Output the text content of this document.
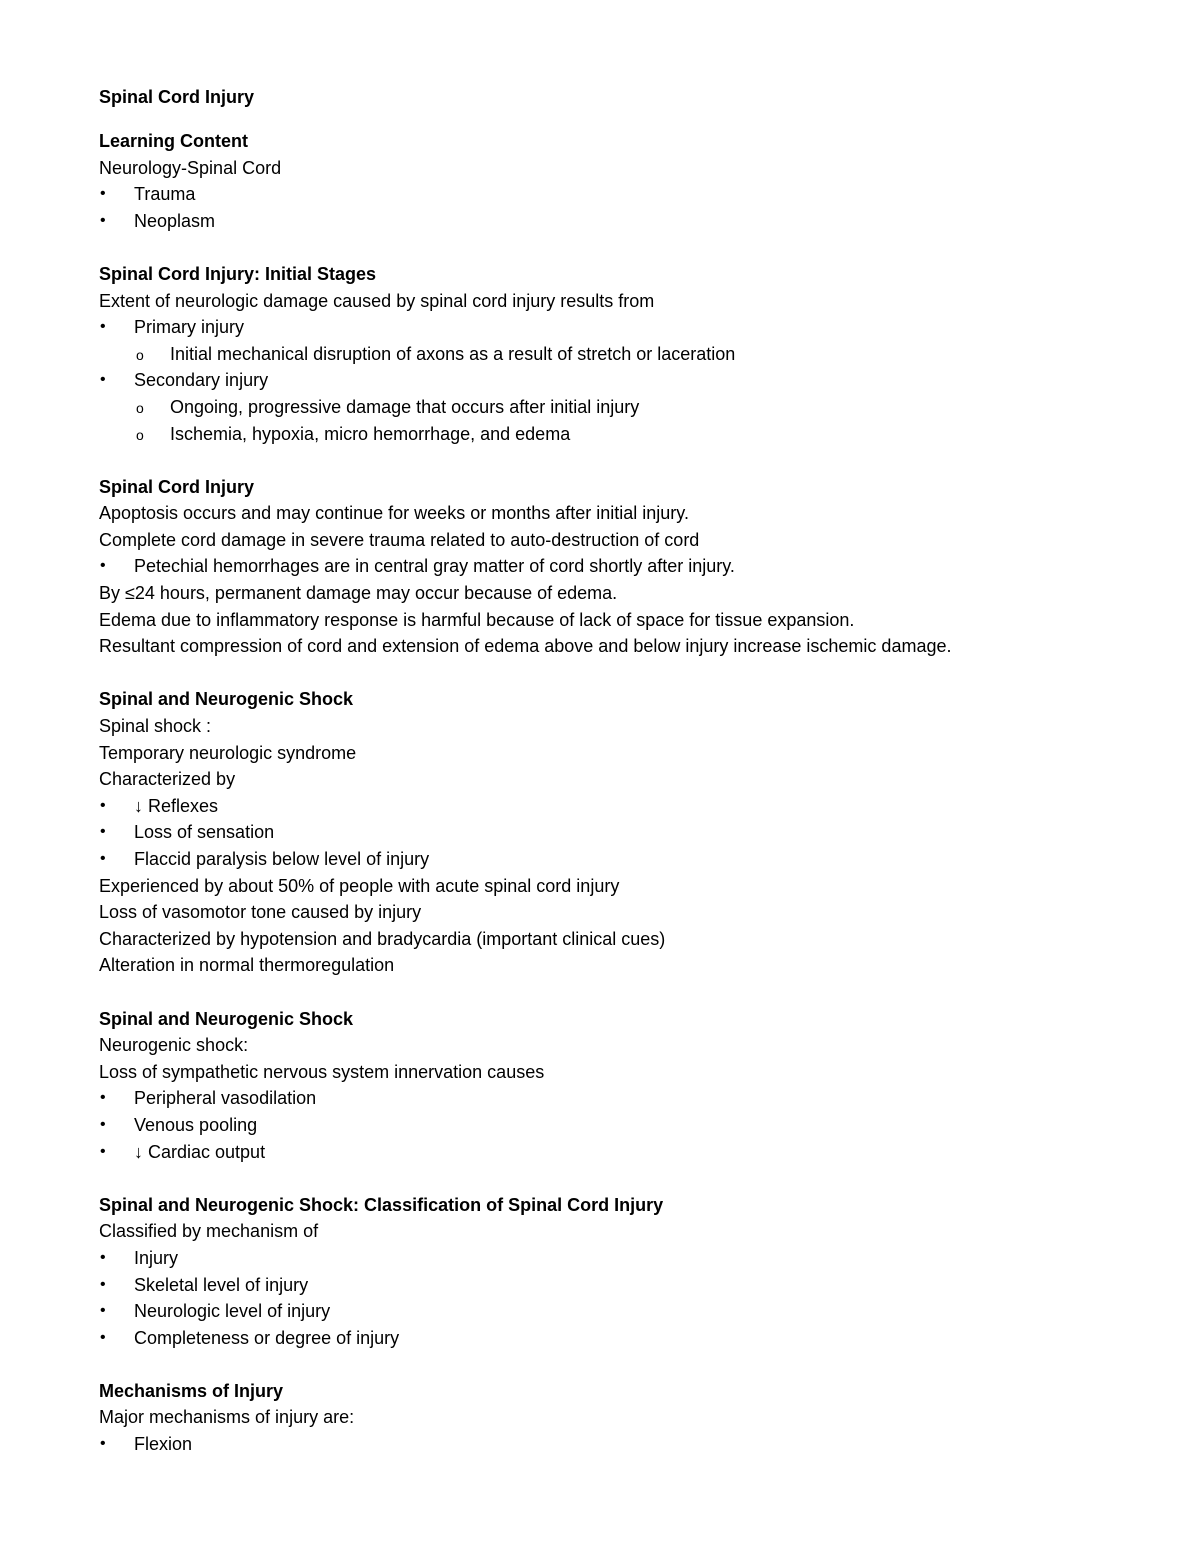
Spinal Cord Injury
Learning Content
Neurology-Spinal Cord
• Trauma
• Neoplasm
Spinal Cord Injury: Initial Stages
Extent of neurologic damage caused by spinal cord injury results from
• Primary injury
o Initial mechanical disruption of axons as a result of stretch or laceration
• Secondary injury
o Ongoing, progressive damage that occurs after initial injury
o Ischemia, hypoxia, micro hemorrhage, and edema
Spinal Cord Injury
Apoptosis occurs and may continue for weeks or months after initial injury.
Complete cord damage in severe trauma related to auto-destruction of cord
• Petechial hemorrhages are in central gray matter of cord shortly after injury.
By ≤24 hours, permanent damage may occur because of edema.
Edema due to inflammatory response is harmful because of lack of space for tissue expansion.
Resultant compression of cord and extension of edema above and below injury increase ischemic damage.
Spinal and Neurogenic Shock
Spinal shock :
Temporary neurologic syndrome
Characterized by
• ↓ Reflexes
• Loss of sensation
• Flaccid paralysis below level of injury
Experienced by about 50% of people with acute spinal cord injury
Loss of vasomotor tone caused by injury
Characterized by hypotension and bradycardia (important clinical cues)
Alteration in normal thermoregulation
Spinal and Neurogenic Shock
Neurogenic shock:
Loss of sympathetic nervous system innervation causes
• Peripheral vasodilation
• Venous pooling
• ↓ Cardiac output
Spinal and Neurogenic Shock: Classification of Spinal Cord Injury
Classified by mechanism of
• Injury
• Skeletal level of injury
• Neurologic level of injury
• Completeness or degree of injury
Mechanisms of Injury
Major mechanisms of injury are:
• Flexion
